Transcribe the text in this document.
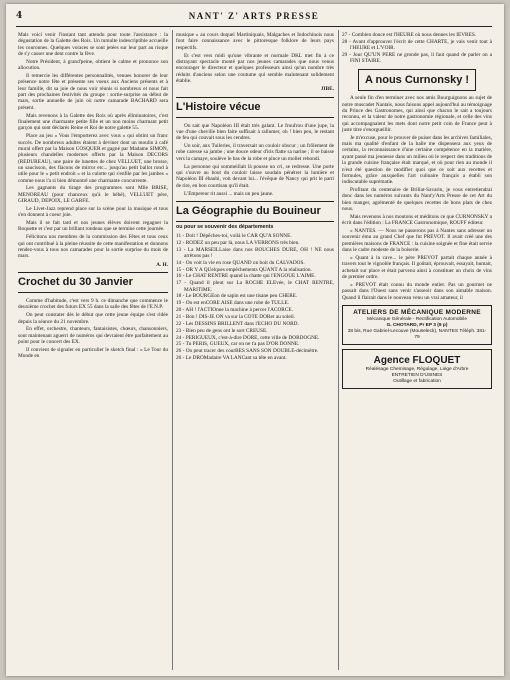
4	NANT' Z' ARTS PRESSE

Mais voici venir l'instant tant attendu pour toute l'assistance : la dégustation de la Galette des Rois. Un tumulte indescriptible accueille les couronnes. Quelques voraces se sont jetées sur leur part au risque de s'y casser une dent contre la fève.

Notre Président, à grand'peine, obtient le calme et prononce son allocution.

Il remercie les différentes personnalités, venues honorer de leur présence notre fête et présente ses voeux aux Anciens présents et à leur famille, dit sa joie de nous voir réunis si nombreux et nous fait part des prochaines festivités du groupe : sortie-surprise au début de mars, sortie annuelle de juin où notre camarade BACHARD sera présent.

Mais revenons à la Galette des Rois où après éliminatoires, c'est finalement une charmante petite fille et un non moins charmant petit garçon qui sont déclarés Reine et Roi de notre galette 55.

Place au jeu « Vous l'emporterez avec vous » qui obtint un franc succès. De nombreux adultes étaient à deviner dont un moulin à café mural offert par la Maison COSQUER et gagné par Madame SIMON, plusieurs chandelles modernes offerts par la Maison DECORS (REDUREAU), une paire de lunettes de chez VELLUET, une brosse, un saucisson, des flacons de mirror etc... jusqu'au petit ballot rond à utile pour le « petit endroit » et la culotte qui s'enfile par les jambes « comme nous l'a si bien démontré une charmante concurrente.

Les gagnants du tirage des programmes sont Mlle BRISE, MENOREAU (pour chanceux qu'à le bébé), VELLUET père, GIRAUD, DEPOIX, LE GARFE.

Le Livet-Jazz reprend place sur la scène pour la musique et tous s'en donnent à coeur joie.

Mais il se fait tard et nos jeunes élèves doivent regagner la Roquette et c'est par un brillant rondeau que se termine cette journée.

Félicitons nos membres de la commission des Fêtes et tous ceux qui ont contribué à la pleine réussite de cette manifestation et donnons rendez-vous à tous nos camarades pour la sortie surprise du mois de mars.

A. H.
Crochet du 30 Janvier

Comme d'habitude, c'est vers 9 h. ce dimanche que commence le deuxième crochet des futurs EX 55 dans la salle des fêtes de l'E.N.P.

On peut constater dès le début que cette jeune équipe s'est ridée depuis la séance du 21 novembre.

En effet, orchestre, chanteurs, fantaisistes, chœurs, chansonniers, sont maintenant aguerri de numéros qui devraient être parfaitement au point pour le concert des EX.

Il convient de signaler en particulier le sketch final : « Le Tour du Monde en

musique » au cours duquel Martiniquais, Malgaches et Indochinois nous font faire connaissance avec le pittoresque folklore de leurs pays respectifs.

Et c'est vers midi qu'une vibrante et normale DKL met fin à ce distrayant spectacle monté par nos jeunes camarades que nous venus encourager le directeur et quelques professeurs ainsi qu'un nombre très réduits d'anciens selon une coutume qui semble maintenant solidement établie.

JIBE.
L'Histoire vécue

On sait que Napoléon III était très galant. Le froufrou d'une jupe, la vue d'une cheville bien faite suffisait à rallumer, oh ! bien peu, le restant de feu qui couvait sous les cendres.

Un soir, aux Tuileries, il traversait un couloir obscur ; un frôlement de robe caresse sa jambe ; une douce odeur d'iris flatte sa narine ; il se baisse vers la camaye, soulève le bas de la robe et pince un mollet rebondi.

La personne qui sommeillait là pousse un cri, se redresse. Une porte qui s'ouvre au bout du couloir laisse soudain pénétrer la lumière et Napoléon III ébaubi, voit devant lui... l'évêque de Nancy qui prit le parti de rire, en bon courtisan qu'il était.

L'Empereur rit aussi ... mais un peu jaune.

La Géographie du Bouineur
ou pour se souvenir des départements
11 - Doit ! Dépêches-toi, voilà le CAR QU'A SONNE.
12 - RODEZ un peu par là, nous LA VERRONS très bien.
13 - La MARSEILLaise dans nos BOUCHES DURE, OH ! NE nous arrêtons pas !
14 - On voit la vie en rose QUAND on boit du CALVADOS.
15 - OR Y A QUelques empêchements QUANT A la réalisation.
16 - Le CHAT RENTRE quand la chatte qui l'ENGOUE L'AIME.
17 - Quand il pleut sur La ROCHE ELEvée, le CHAT RENTRE, MARITIME.
18 - Le BOURGEon de sapin est une tisane peu CHERE.
19 - On est enCORE AISE dans une robe de TULLE.
20 - AH ! l'ACTIOnne la machine à percer l'ACORCE.
21 - Bon ! DIS-JE ON va sur la COTE DORer au soleil.
22 - Les DESSINS BRILLENT dans l'ECHO DU NORD.
23 - Bien peu de gens ont le sort CREUSE.
24 - PERIGUEUX, c'est-à-dire DORE, cette ville de DORDOGNE.
25 - Tu PERIS, GUEUX, car on ne t'a pas D'OR DONNE.
26 - On peut tracer des courBES SANS SON DOUBLE-décimètre.
26 - Le DROMadaire VA LANCant sa tête en avant.
27 - Combien douce est l'HEURE où nous dennes les IEVRES.
28 - Avant d'approuver l'écrit de cette CHARTE, je vais venir tout à l'HEURE et L'VOIR.
29 - Jour QU'UN PERE ne gronde pas, il faut quand de parler on a FINI STAIRE.
A nous Curnonsky !

A seule fin d'en terminer avec nos amis Bourguignons au sujet de notre muscadet Nantais, nous faisons appel aujourd'hui au témoignage du Prince des Gastronomes, qui ainsi que chacun le sait a toujours reconnu, et la valeur de notre gastronomie régionale, et celle des vins qui accompagnaient les mets dont notre petit coin de France peut à juste titre s'enorgueillir.

Je m'excuse, pour le prouver de puiser dans les archives familiales, mais ma qualité d'enfant de la balle me dispensera aux yeux de certains, la reconnaissance d'une certaine compétence en la matière, ayant passé ma jeunesse dans un milieu où le respect des traditions de la grande cuisine française était marqué, et où pour rien au monde il n'eut été question de modifier quoi que ce soit aux recettes et formules, grâce auxquelles l'art culinaire français a établi son indiscutable suprématie.

Profitant du centenaire de Brillat-Savarin, je vous entretiendrai donc dans les numéros suivants du Nant'y'Arts Presse de cet Art du bien manger, agrémenté de quelques recettes de bons plats de chez nous.

Mais revenons à nos moutons et méditons ce que CURNONSKY a écrit dans l'édition : La FRANCE Gastronomique, ROUFF éditeur.

« NANTES. — Nous ne passerons pas à Nantes sans adresser un souvenir ému au grand Chef que fut PREVOT. Il avait créé une des premières maisons de FRANCE : la cuisine soignée et fine était servie dans le cadre modeste de la boiserie.

« Quant à la cave... le père PREVOT partait chaque année à travers tout le vignoble français. Il goûtait, éprouvait, essayait, humait, achetait sur place et était parvenu ainsi à constituer un choix de vins de premier ordre.

« PREVOT était connu du monde entier. Pas un gourmet ne passait dans l'Ouest sans venir s'asseoir dans son aimable maison. Quand il flairait dans le nouveau venu un vrai amateur, il

ATELIERS DE MÉCANIQUE MODERNE
Mécanique Générale - Rectification Automobile
G. CHOTARD, Pr EP 3 (9 p)
38 bis, Rue Gabriel-Lecouve (Mouseleck), NANTES Téléph. 381-79
Agence FLOQUET
Réalésage Chemisage, Régulage, Liège d'Arbre
ENTRETIEN D'USINES
Outillage et fabrication
